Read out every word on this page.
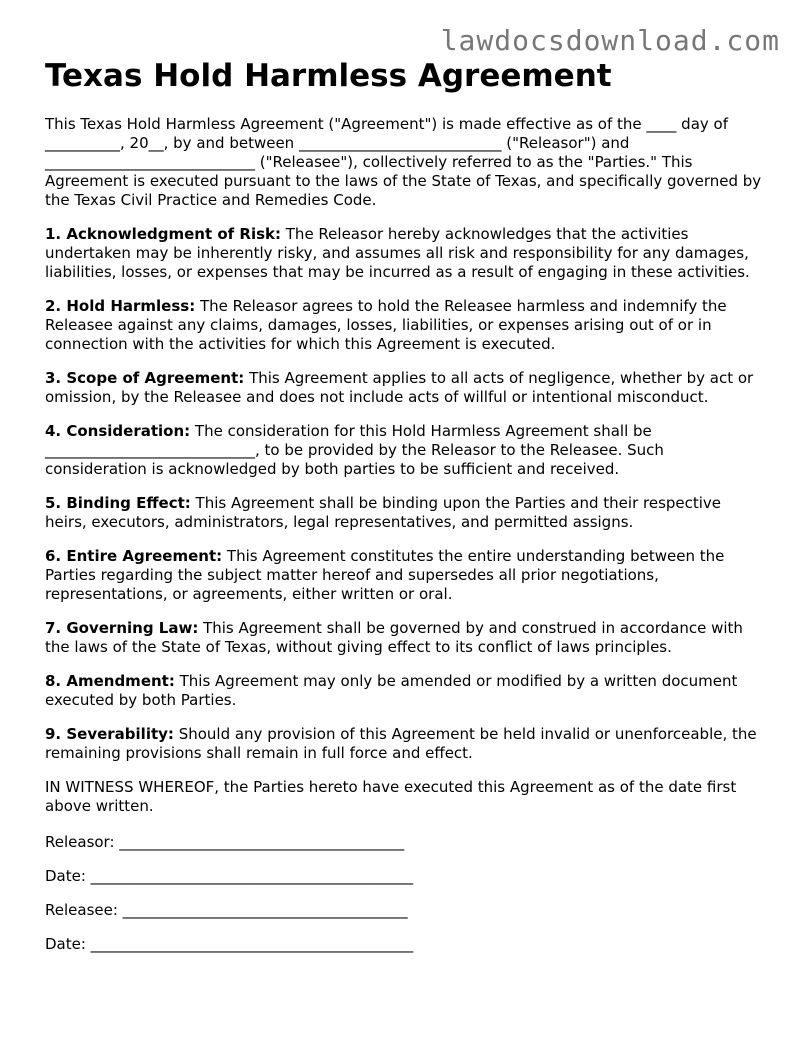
lawdocsdownload.com
Texas Hold Harmless Agreement

This Texas Hold Harmless Agreement ("Agreement") is made effective as of the ____ day of __________, 20__, by and between ___________________________ ("Releasor") and ____________________________ ("Releasee"), collectively referred to as the "Parties." This Agreement is executed pursuant to the laws of the State of Texas, and specifically governed by the Texas Civil Practice and Remedies Code.

1. Acknowledgment of Risk: The Releasor hereby acknowledges that the activities undertaken may be inherently risky, and assumes all risk and responsibility for any damages, liabilities, losses, or expenses that may be incurred as a result of engaging in these activities.

2. Hold Harmless: The Releasor agrees to hold the Releasee harmless and indemnify the Releasee against any claims, damages, losses, liabilities, or expenses arising out of or in connection with the activities for which this Agreement is executed.

3. Scope of Agreement: This Agreement applies to all acts of negligence, whether by act or omission, by the Releasee and does not include acts of willful or intentional misconduct.

4. Consideration: The consideration for this Hold Harmless Agreement shall be ____________________________, to be provided by the Releasor to the Releasee. Such consideration is acknowledged by both parties to be sufficient and received.

5. Binding Effect: This Agreement shall be binding upon the Parties and their respective heirs, executors, administrators, legal representatives, and permitted assigns.

6. Entire Agreement: This Agreement constitutes the entire understanding between the Parties regarding the subject matter hereof and supersedes all prior negotiations, representations, or agreements, either written or oral.

7. Governing Law: This Agreement shall be governed by and construed in accordance with the laws of the State of Texas, without giving effect to its conflict of laws principles.

8. Amendment: This Agreement may only be amended or modified by a written document executed by both Parties.

9. Severability: Should any provision of this Agreement be held invalid or unenforceable, the remaining provisions shall remain in full force and effect.

IN WITNESS WHEREOF, the Parties hereto have executed this Agreement as of the date first above written.

Releasor: ______________________________________

Date: ___________________________________________

Releasee: ______________________________________

Date: ___________________________________________
